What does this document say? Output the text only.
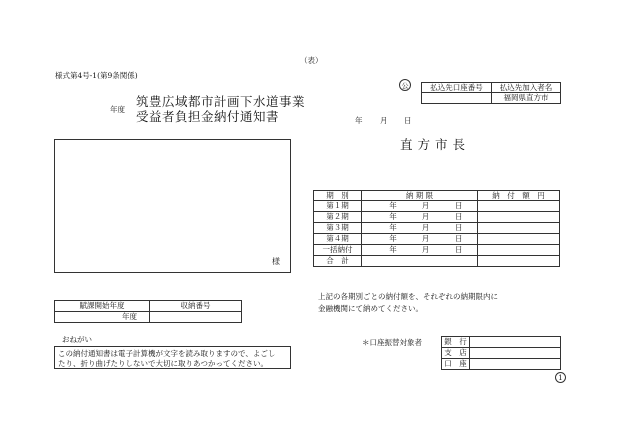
（表）
様式第4号-1(第9条関係)
年度
筑豊広域都市計画下水道事業
受益者負担金納付通知書	年 月 日
直方市長
公	払込先口座番号	払込先加入者名
	福岡県直方市
様
期　別	納 期 限				納　付　額　円
第１期		年	月	日	
第２期		年	月	日	
第３期		年	月	日	
第４期		年	月	日	
一括納付		年	月	日	
合　計					
上記の各期別ごとの納付額を、それぞれの納期限内に
金融機関にて納めてください。
賦課開始年度	収納番号
年度	
おねがい
この納付通知書は電子計算機が文字を読み取りますので、よごし
たり、折り曲げたりしないで大切に取りあつかってください。
＊口座振替対象者	銀　行	
支　店	
口　座	
1
